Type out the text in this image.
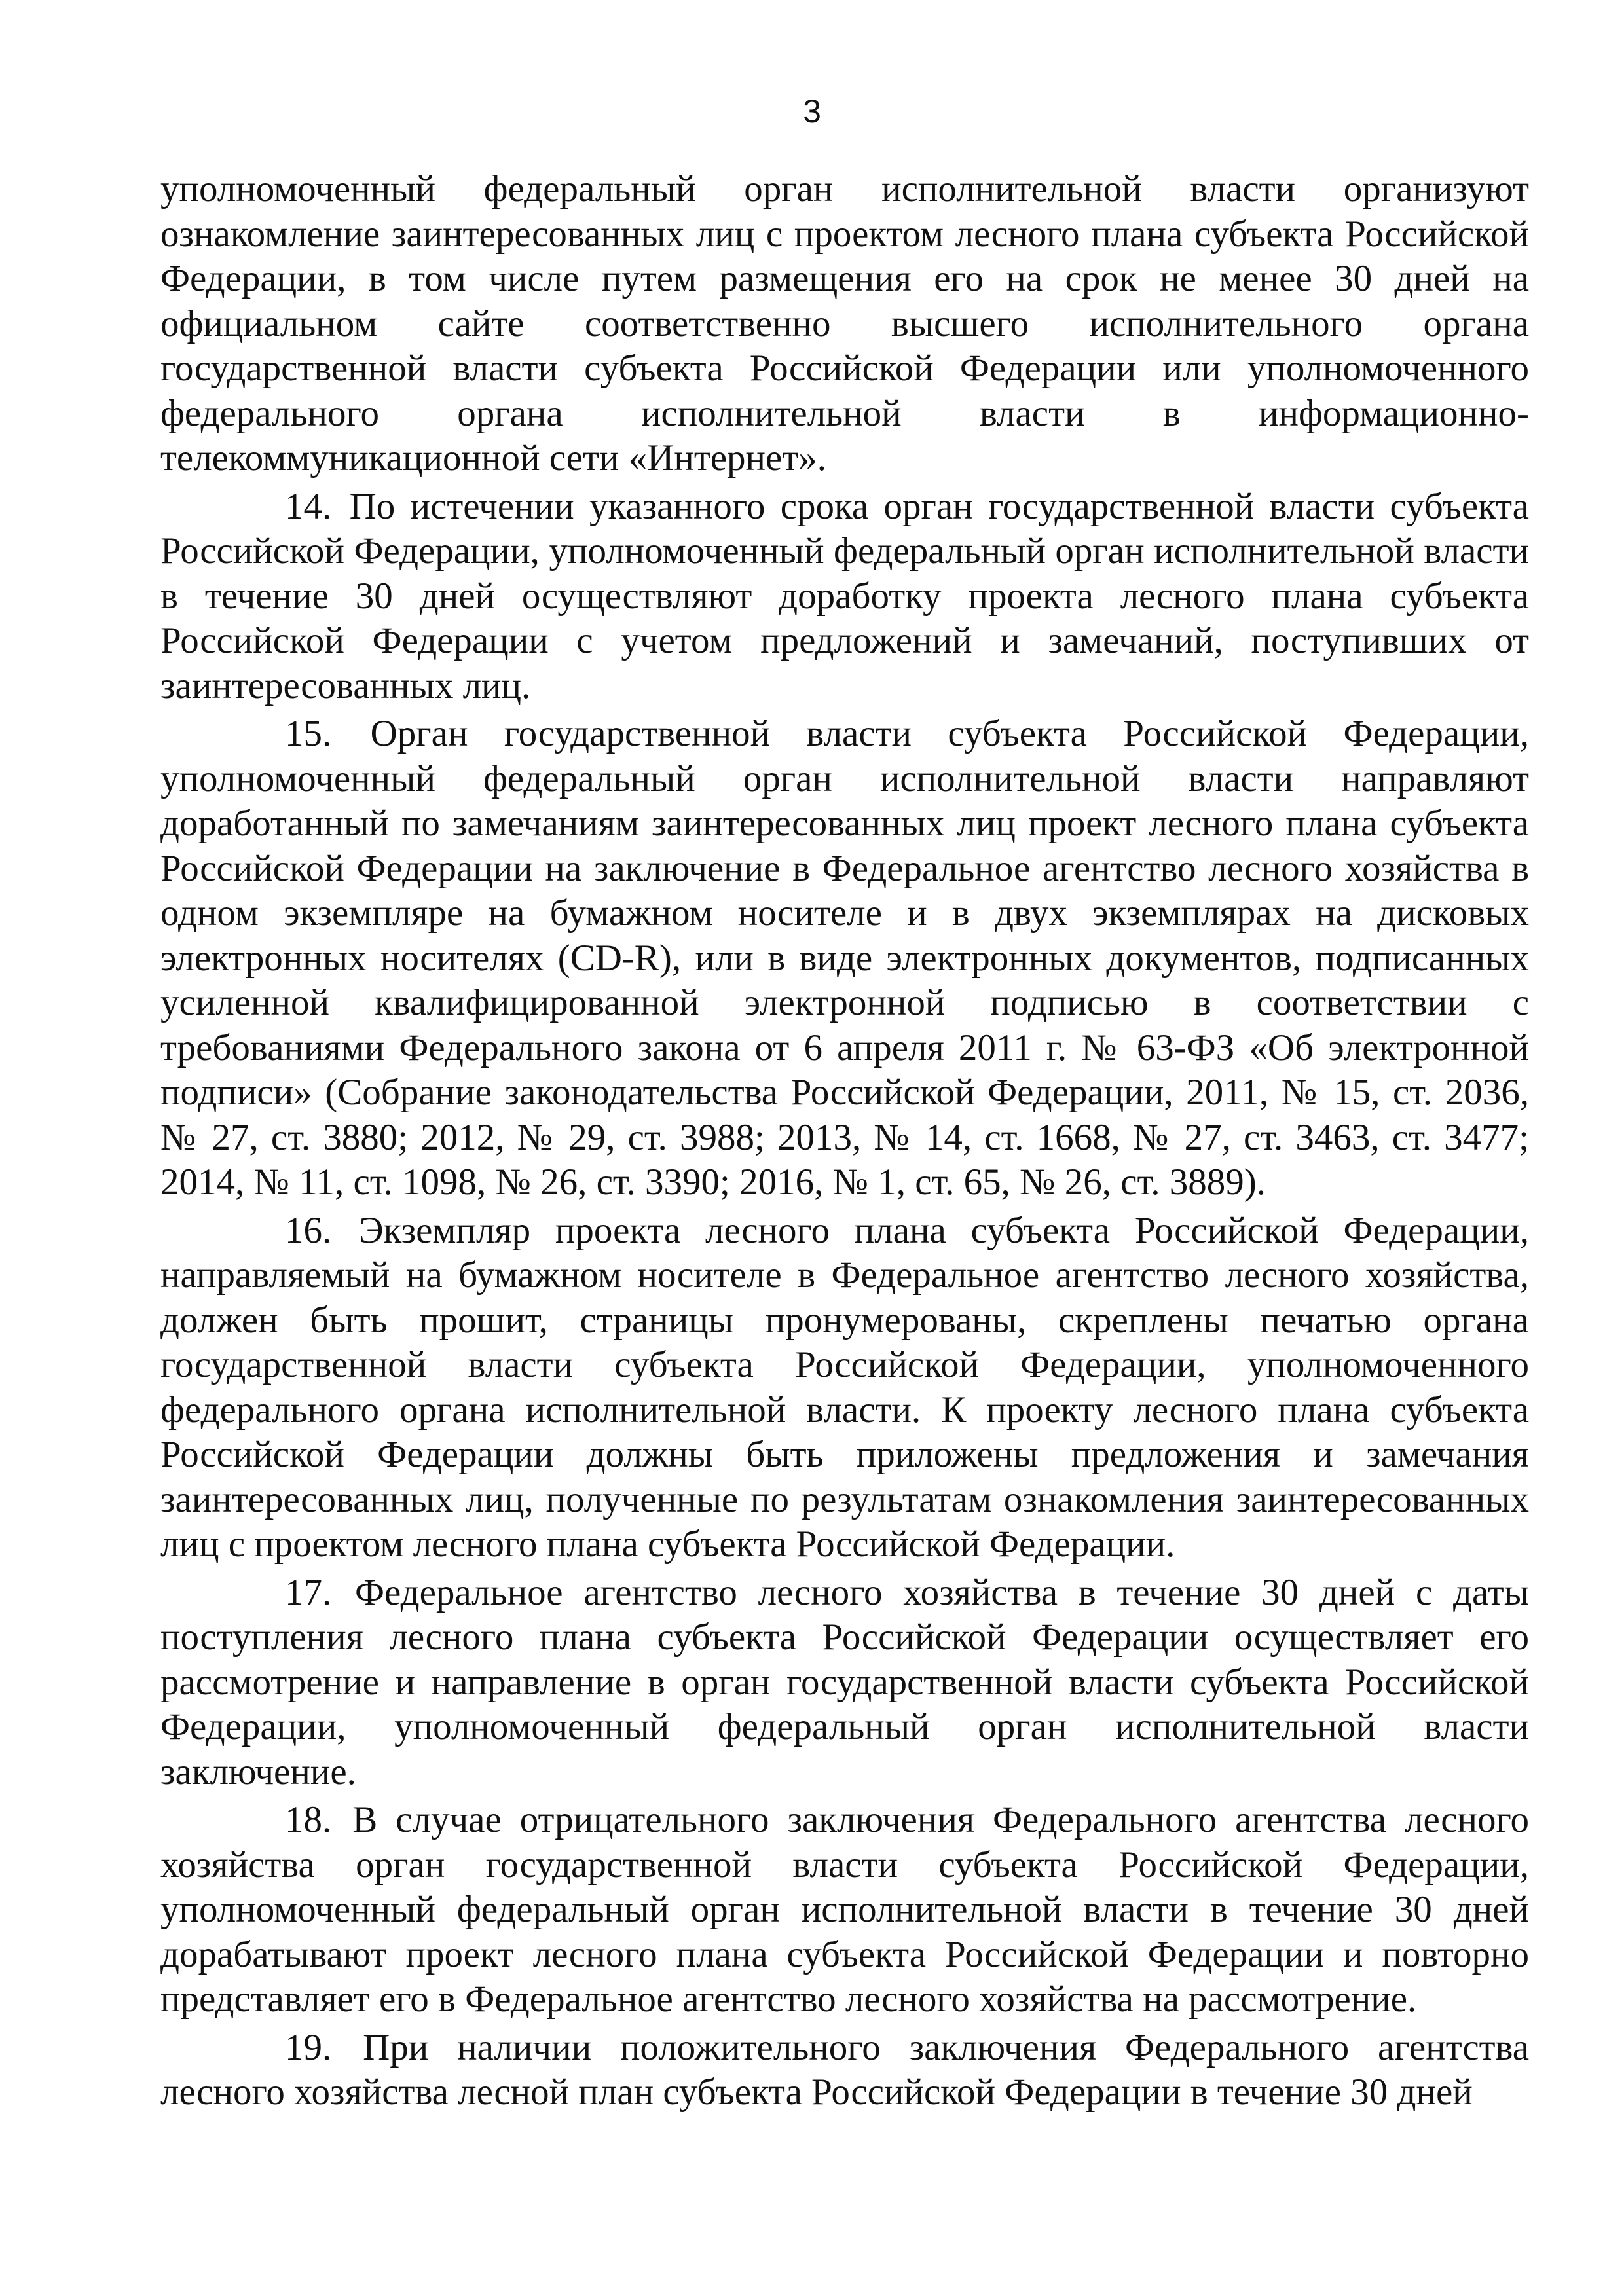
3

уполномоченный федеральный орган исполнительной власти организуют ознакомление заинтересованных лиц с проектом лесного плана субъекта Российской Федерации, в том числе путем размещения его на срок не менее 30 дней на официальном сайте соответственно высшего исполнительного органа государственной власти субъекта Российской Федерации или уполномоченного федерального органа исполнительной власти в информационно-телекоммуникационной сети «Интернет».

14. По истечении указанного срока орган государственной власти субъекта Российской Федерации, уполномоченный федеральный орган исполнительной власти в течение 30 дней осуществляют доработку проекта лесного плана субъекта Российской Федерации с учетом предложений и замечаний, поступивших от заинтересованных лиц.

15. Орган государственной власти субъекта Российской Федерации, уполномоченный федеральный орган исполнительной власти направляют доработанный по замечаниям заинтересованных лиц проект лесного плана субъекта Российской Федерации на заключение в Федеральное агентство лесного хозяйства в одном экземпляре на бумажном носителе и в двух экземплярах на дисковых электронных носителях (CD-R), или в виде электронных документов, подписанных усиленной квалифицированной электронной подписью в соответствии с требованиями Федерального закона от 6 апреля 2011 г. № 63-ФЗ «Об электронной подписи» (Собрание законодательства Российской Федерации, 2011, № 15, ст. 2036, № 27, ст. 3880; 2012, № 29, ст. 3988; 2013, № 14, ст. 1668, № 27, ст. 3463, ст. 3477; 2014, № 11, ст. 1098, № 26, ст. 3390; 2016, № 1, ст. 65, № 26, ст. 3889).

16. Экземпляр проекта лесного плана субъекта Российской Федерации, направляемый на бумажном носителе в Федеральное агентство лесного хозяйства, должен быть прошит, страницы пронумерованы, скреплены печатью органа государственной власти субъекта Российской Федерации, уполномоченного федерального органа исполнительной власти. К проекту лесного плана субъекта Российской Федерации должны быть приложены предложения и замечания заинтересованных лиц, полученные по результатам ознакомления заинтересованных лиц с проектом лесного плана субъекта Российской Федерации.

17. Федеральное агентство лесного хозяйства в течение 30 дней с даты поступления лесного плана субъекта Российской Федерации осуществляет его рассмотрение и направление в орган государственной власти субъекта Российской Федерации, уполномоченный федеральный орган исполнительной власти заключение.

18. В случае отрицательного заключения Федерального агентства лесного хозяйства орган государственной власти субъекта Российской Федерации, уполномоченный федеральный орган исполнительной власти в течение 30 дней дорабатывают проект лесного плана субъекта Российской Федерации и повторно представляет его в Федеральное агентство лесного хозяйства на рассмотрение.

19. При наличии положительного заключения Федерального агентства лесного хозяйства лесной план субъекта Российской Федерации в течение 30 дней
